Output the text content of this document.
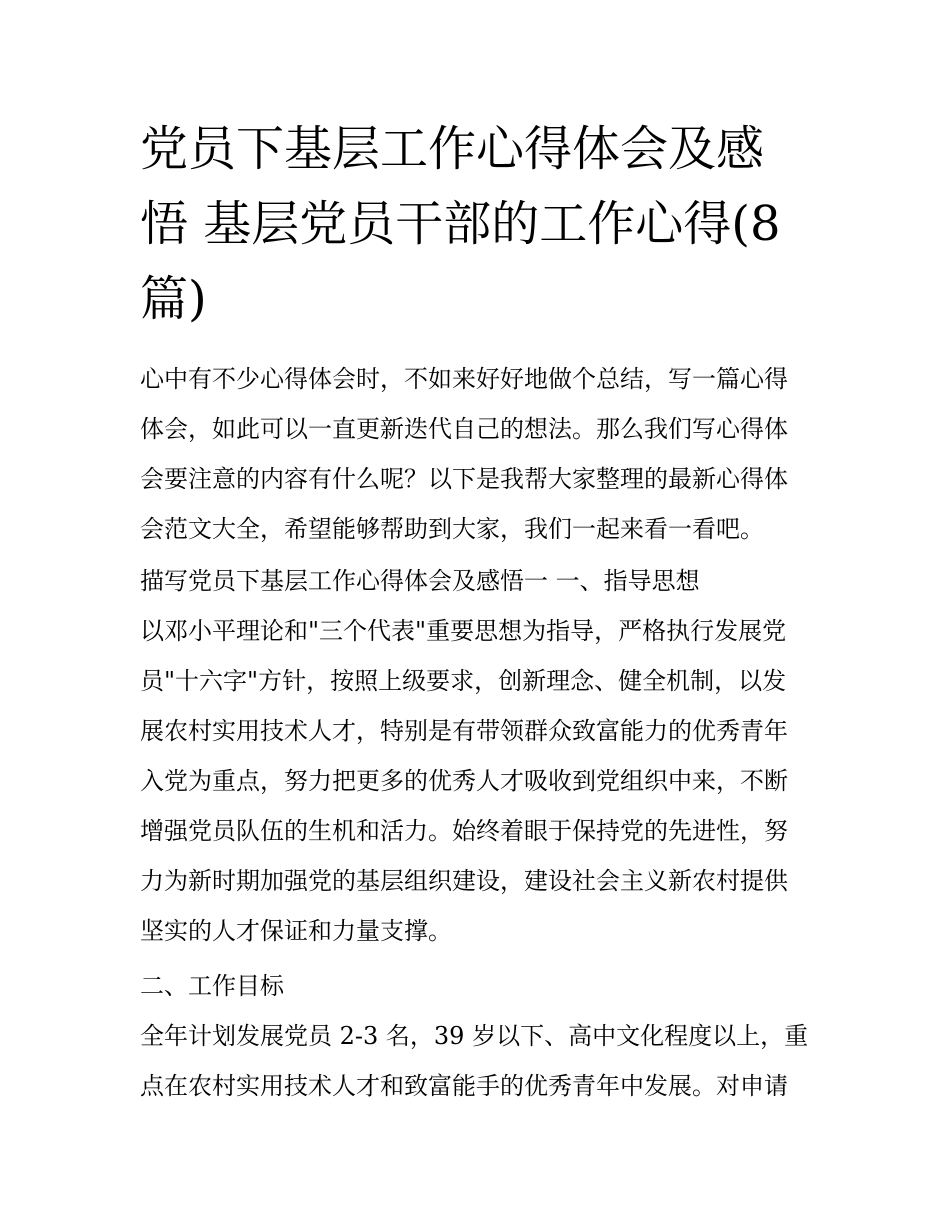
党员下基层工作心得体会及感
悟 基层党员干部的工作心得(8
篇)

心中有不少心得体会时，不如来好好地做个总结，写一篇心得
体会，如此可以一直更新迭代自己的想法。那么我们写心得体
会要注意的内容有什么呢？以下是我帮大家整理的最新心得体
会范文大全，希望能够帮助到大家，我们一起来看一看吧。

描写党员下基层工作心得体会及感悟一 一、指导思想

以邓小平理论和"三个代表"重要思想为指导，严格执行发展党
员"十六字"方针，按照上级要求，创新理念、健全机制，以发
展农村实用技术人才，特别是有带领群众致富能力的优秀青年
入党为重点，努力把更多的优秀人才吸收到党组织中来，不断
增强党员队伍的生机和活力。始终着眼于保持党的先进性，努
力为新时期加强党的基层组织建设，建设社会主义新农村提供
坚实的人才保证和力量支撑。

二、工作目标

全年计划发展党员 2-3 名，39 岁以下、高中文化程度以上，重
点在农村实用技术人才和致富能手的优秀青年中发展。对申请
